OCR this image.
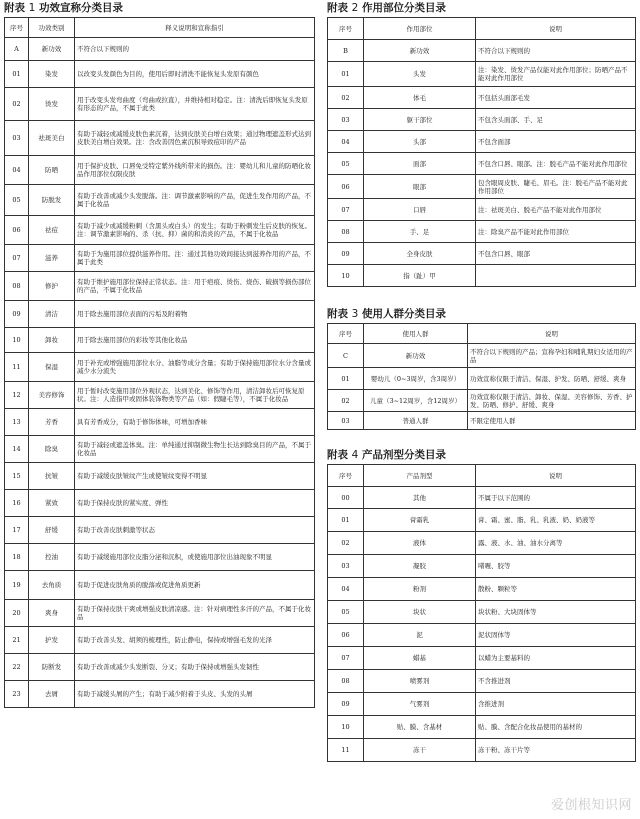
附表 1 功效宣称分类目录
序号	功效类别	释义说明和宣称指引
A	新功效	不符合以下规则的
01	染发	以改变头发颜色为目的，使用后即时清洗不能恢复头发原有颜色
02	烫发	用于改变头发弯曲度（弯曲或拉直），并维持相对稳定。注：清洗后即恢复头发原有形态的产品，不属于此类
03	祛斑美白	有助于减轻或减缓皮肤色素沉着，达到皮肤美白增白效果；通过物理遮盖形式达到皮肤美白增白效果。注：含改善因色素沉积导致痘印的产品
04	防晒	用于保护皮肤、口唇免受特定紫外线所带来的损伤。注：婴幼儿和儿童的防晒化妆品作用部位仅限皮肤
05	防脱发	有助于改善或减少头发脱落。注：调节激素影响的产品，促进生发作用的产品，不属于化妆品
06	祛痘	有助于减少或减缓粉刺（含黑头或白头）的发生；有助于粉刺发生后皮肤的恢复。注：调节激素影响的、杀（抗、抑）菌的和消炎的产品，不属于化妆品
07	滋养	有助于为施用部位提供滋养作用。注：通过其他功效间接达到滋养作用的产品，不属于此类
08	修护	有助于维护施用部位保持正常状态。注：用于疤痕、烫伤、烧伤、破损等损伤部位的产品，不属于化妆品
09	清洁	用于除去施用部位表面的污垢及附着物
10	卸妆	用于除去施用部位的彩妆等其他化妆品
11	保湿	用于补充或增强施用部位水分、油脂等成分含量；有助于保持施用部位水分含量或减少水分流失
12	美容修饰	用于暂时改变施用部位外观状态，达到美化、修饰等作用，清洁卸妆后可恢复原状。注：人造指甲或固体装饰物类等产品（如：假睫毛等），不属于化妆品
13	芳香	具有芳香成分，有助于修饰体味，可增加香味
14	除臭	有助于减轻或遮盖体臭。注：单纯通过抑制微生物生长达到除臭目的产品，不属于化妆品
15	抗皱	有助于减缓皮肤皱纹产生或使皱纹变得不明显
16	紧致	有助于保持皮肤的紧实度、弹性
17	舒缓	有助于改善皮肤刺激等状态
18	控油	有助于减缓施用部位皮脂分泌和沉积，或使施用部位出油现象不明显
19	去角质	有助于促进皮肤角质的脱落或促进角质更新
20	爽身	有助于保持皮肤干爽或增强皮肤清凉感。注：针对病理性多汗的产品，不属于化妆品
21	护发	有助于改善头发、胡须的梳理性，防止静电，保持或增强毛发的光泽
22	防断发	有助于改善或减少头发断裂、分叉；有助于保持或增强头发韧性
23	去屑	有助于减缓头屑的产生；有助于减少附着于头皮、头发的头屑
附表 2 作用部位分类目录
序号	作用部位	说明
B	新功效	不符合以下规则的
01	头发	注：染发、烫发产品仅能对此作用部位；防晒产品不能对此作用部位
02	体毛	不包括头面部毛发
03	躯干部位	不包含头面部、手、足
04	头部	不包含面部
05	面部	不包含口唇、眼部。注：脱毛产品不能对此作用部位
06	眼部	包含眼周皮肤、睫毛、眉毛。注：脱毛产品不能对此作用部位
07	口唇	注：祛斑美白、脱毛产品不能对此作用部位
08	手、足	注：除臭产品不能对此作用部位
09	全身皮肤	不包含口唇、眼部
10	指（趾）甲	
附表 3 使用人群分类目录
序号	使用人群	说明
C	新功效	不符合以下规则的产品；宣称孕妇和哺乳期妇女适用的产品
01	婴幼儿（0~3周岁，含3周岁）	功效宣称仅限于清洁、保湿、护发、防晒、舒缓、爽身
02	儿童（3~12周岁，含12周岁）	功效宣称仅限于清洁、卸妆、保湿、美容修饰、芳香、护发、防晒、修护、舒缓、爽身
03	普通人群	不限定使用人群
附表 4 产品剂型分类目录
序号	产品剂型	说明
00	其他	不属于以下范围的
01	膏霜乳	膏、霜、蜜、脂、乳、乳液、奶、奶液等
02	液体	露、液、水、油、油水分离等
03	凝胶	啫喱、胶等
04	粉剂	散粉、颗粒等
05	块状	块状粉、大块固体等
06	泥	泥状固体等
07	蜡基	以蜡为主要基料的
08	喷雾剂	不含推进剂
09	气雾剂	含推进剂
10	贴、膜、含基材	贴、膜、含配合化妆品使用的基材的
11	冻干	冻干粉、冻干片等
爱创根知识网
